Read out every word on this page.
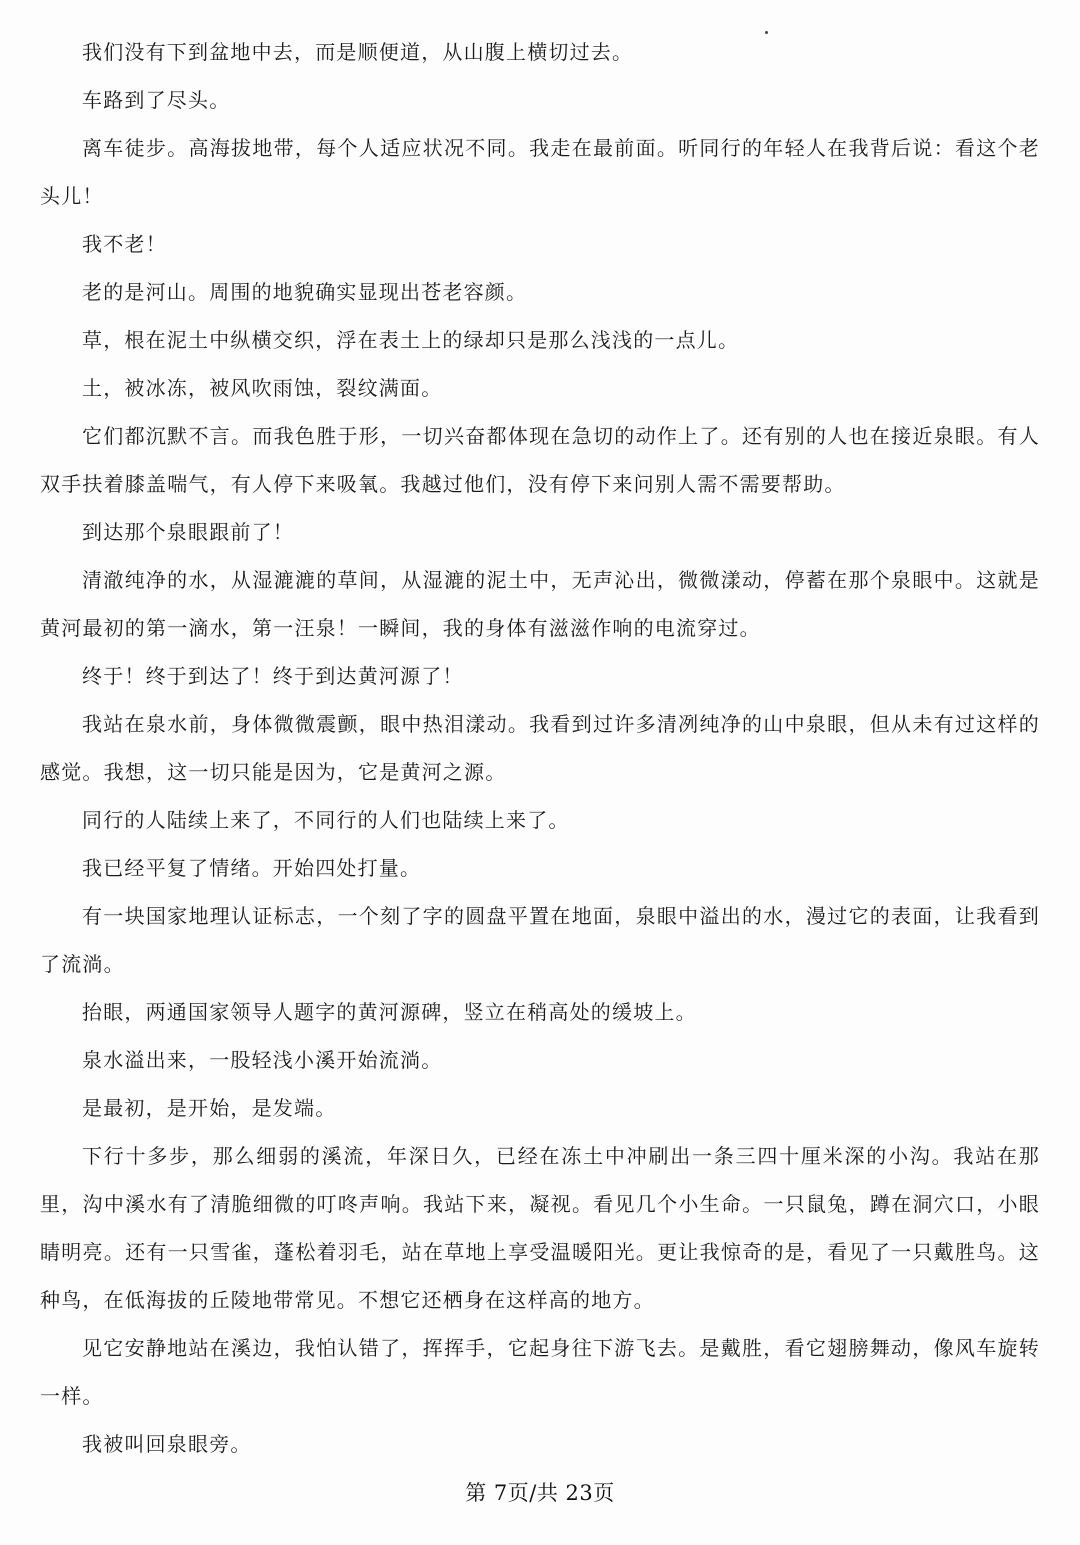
我们没有下到盆地中去，而是顺便道，从山腹上横切过去。

车路到了尽头。

离车徒步。高海拔地带，每个人适应状况不同。我走在最前面。听同行的年轻人在我背后说：看这个老头儿！

我不老！

老的是河山。周围的地貌确实显现出苍老容颜。

草，根在泥土中纵横交织，浮在表土上的绿却只是那么浅浅的一点儿。

土，被冰冻，被风吹雨蚀，裂纹满面。

它们都沉默不言。而我色胜于形，一切兴奋都体现在急切的动作上了。还有别的人也在接近泉眼。有人双手扶着膝盖喘气，有人停下来吸氧。我越过他们，没有停下来问别人需不需要帮助。

到达那个泉眼跟前了！

清澈纯净的水，从湿漉漉的草间，从湿漉的泥土中，无声沁出，微微漾动，停蓄在那个泉眼中。这就是黄河最初的第一滴水，第一汪泉！一瞬间，我的身体有滋滋作响的电流穿过。

终于！终于到达了！终于到达黄河源了！

我站在泉水前，身体微微震颤，眼中热泪漾动。我看到过许多清冽纯净的山中泉眼，但从未有过这样的感觉。我想，这一切只能是因为，它是黄河之源。

同行的人陆续上来了，不同行的人们也陆续上来了。

我已经平复了情绪。开始四处打量。

有一块国家地理认证标志，一个刻了字的圆盘平置在地面，泉眼中溢出的水，漫过它的表面，让我看到了流淌。

抬眼，两通国家领导人题字的黄河源碑，竖立在稍高处的缓坡上。

泉水溢出来，一股轻浅小溪开始流淌。

是最初，是开始，是发端。

下行十多步，那么细弱的溪流，年深日久，已经在冻土中冲刷出一条三四十厘米深的小沟。我站在那里，沟中溪水有了清脆细微的叮咚声响。我站下来，凝视。看见几个小生命。一只鼠兔，蹲在洞穴口，小眼睛明亮。还有一只雪雀，蓬松着羽毛，站在草地上享受温暖阳光。更让我惊奇的是，看见了一只戴胜鸟。这种鸟，在低海拔的丘陵地带常见。不想它还栖身在这样高的地方。

见它安静地站在溪边，我怕认错了，挥挥手，它起身往下游飞去。是戴胜，看它翅膀舞动，像风车旋转一样。

我被叫回泉眼旁。

第 7页/共 23页
